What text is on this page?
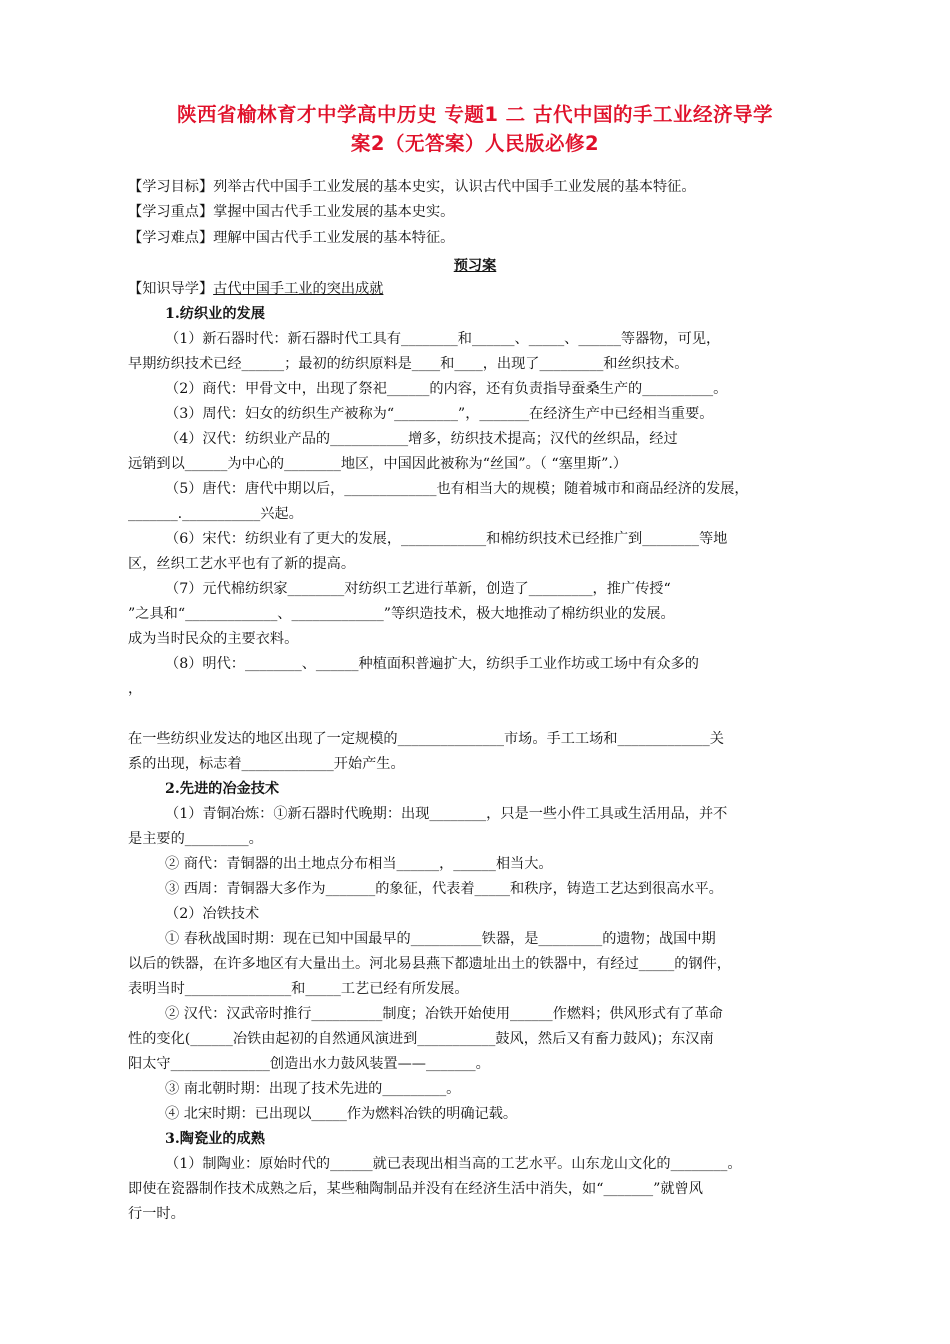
陕西省榆林育才中学高中历史 专题1 二 古代中国的手工业经济导学
案2（无答案）人民版必修2
【学习目标】列举古代中国手工业发展的基本史实，认识古代中国手工业发展的基本特征。
【学习重点】掌握中国古代手工业发展的基本史实。
【学习难点】理解中国古代手工业发展的基本特征。
预习案
【知识导学】古代中国手工业的突出成就
1.纺织业的发展
（1）新石器时代：新石器时代工具有________和______、_____、______等器物，可见，
早期纺织技术已经______；最初的纺织原料是____和____，出现了_________和丝织技术。
（2）商代：甲骨文中，出现了祭祀______的内容，还有负责指导蚕桑生产的__________。
（3）周代：妇女的纺织生产被称为“_________”，_______在经济生产中已经相当重要。
（4）汉代：纺织业产品的___________增多，纺织技术提高；汉代的丝织品，经过
远销到以______为中心的________地区，中国因此被称为“丝国”。（ “塞里斯”.）
（5）唐代：唐代中期以后，_____________也有相当大的规模；随着城市和商品经济的发展，
_______.___________兴起。
（6）宋代：纺织业有了更大的发展，____________和棉纺织技术已经推广到________等地
区，丝织工艺水平也有了新的提高。
（7）元代棉纺织家________对纺织工艺进行革新，创造了_________，推广传授“
”之具和“_____________、_____________”等织造技术，极大地推动了棉纺织业的发展。
成为当时民众的主要衣料。
（8）明代：________、______种植面积普遍扩大，纺织手工业作坊或工场中有众多的
，
在一些纺织业发达的地区出现了一定规模的_______________市场。手工工场和_____________关
系的出现，标志着_____________开始产生。
2.先进的冶金技术
（1）青铜冶炼：①新石器时代晚期：出现________，只是一些小件工具或生活用品，并不
是主要的_________。
② 商代：青铜器的出土地点分布相当______，______相当大。
③ 西周：青铜器大多作为_______的象征，代表着_____和秩序，铸造工艺达到很高水平。
（2）冶铁技术
① 春秋战国时期：现在已知中国最早的__________铁器，是_________的遗物；战国中期
以后的铁器，在许多地区有大量出土。河北易县燕下都遗址出土的铁器中，有经过_____的钢件，
表明当时_______________和_____工艺已经有所发展。
② 汉代：汉武帝时推行__________制度；冶铁开始使用______作燃料；供风形式有了革命
性的变化(______冶铁由起初的自然通风演进到___________鼓风，然后又有畜力鼓风)；东汉南
阳太守______________创造出水力鼓风装置——_______。
③ 南北朝时期：出现了技术先进的_________。
④ 北宋时期：已出现以_____作为燃料冶铁的明确记载。
3.陶瓷业的成熟
（1）制陶业：原始时代的______就已表现出相当高的工艺水平。山东龙山文化的________。
即使在瓷器制作技术成熟之后，某些釉陶制品并没有在经济生活中消失，如“_______”就曾风
行一时。
